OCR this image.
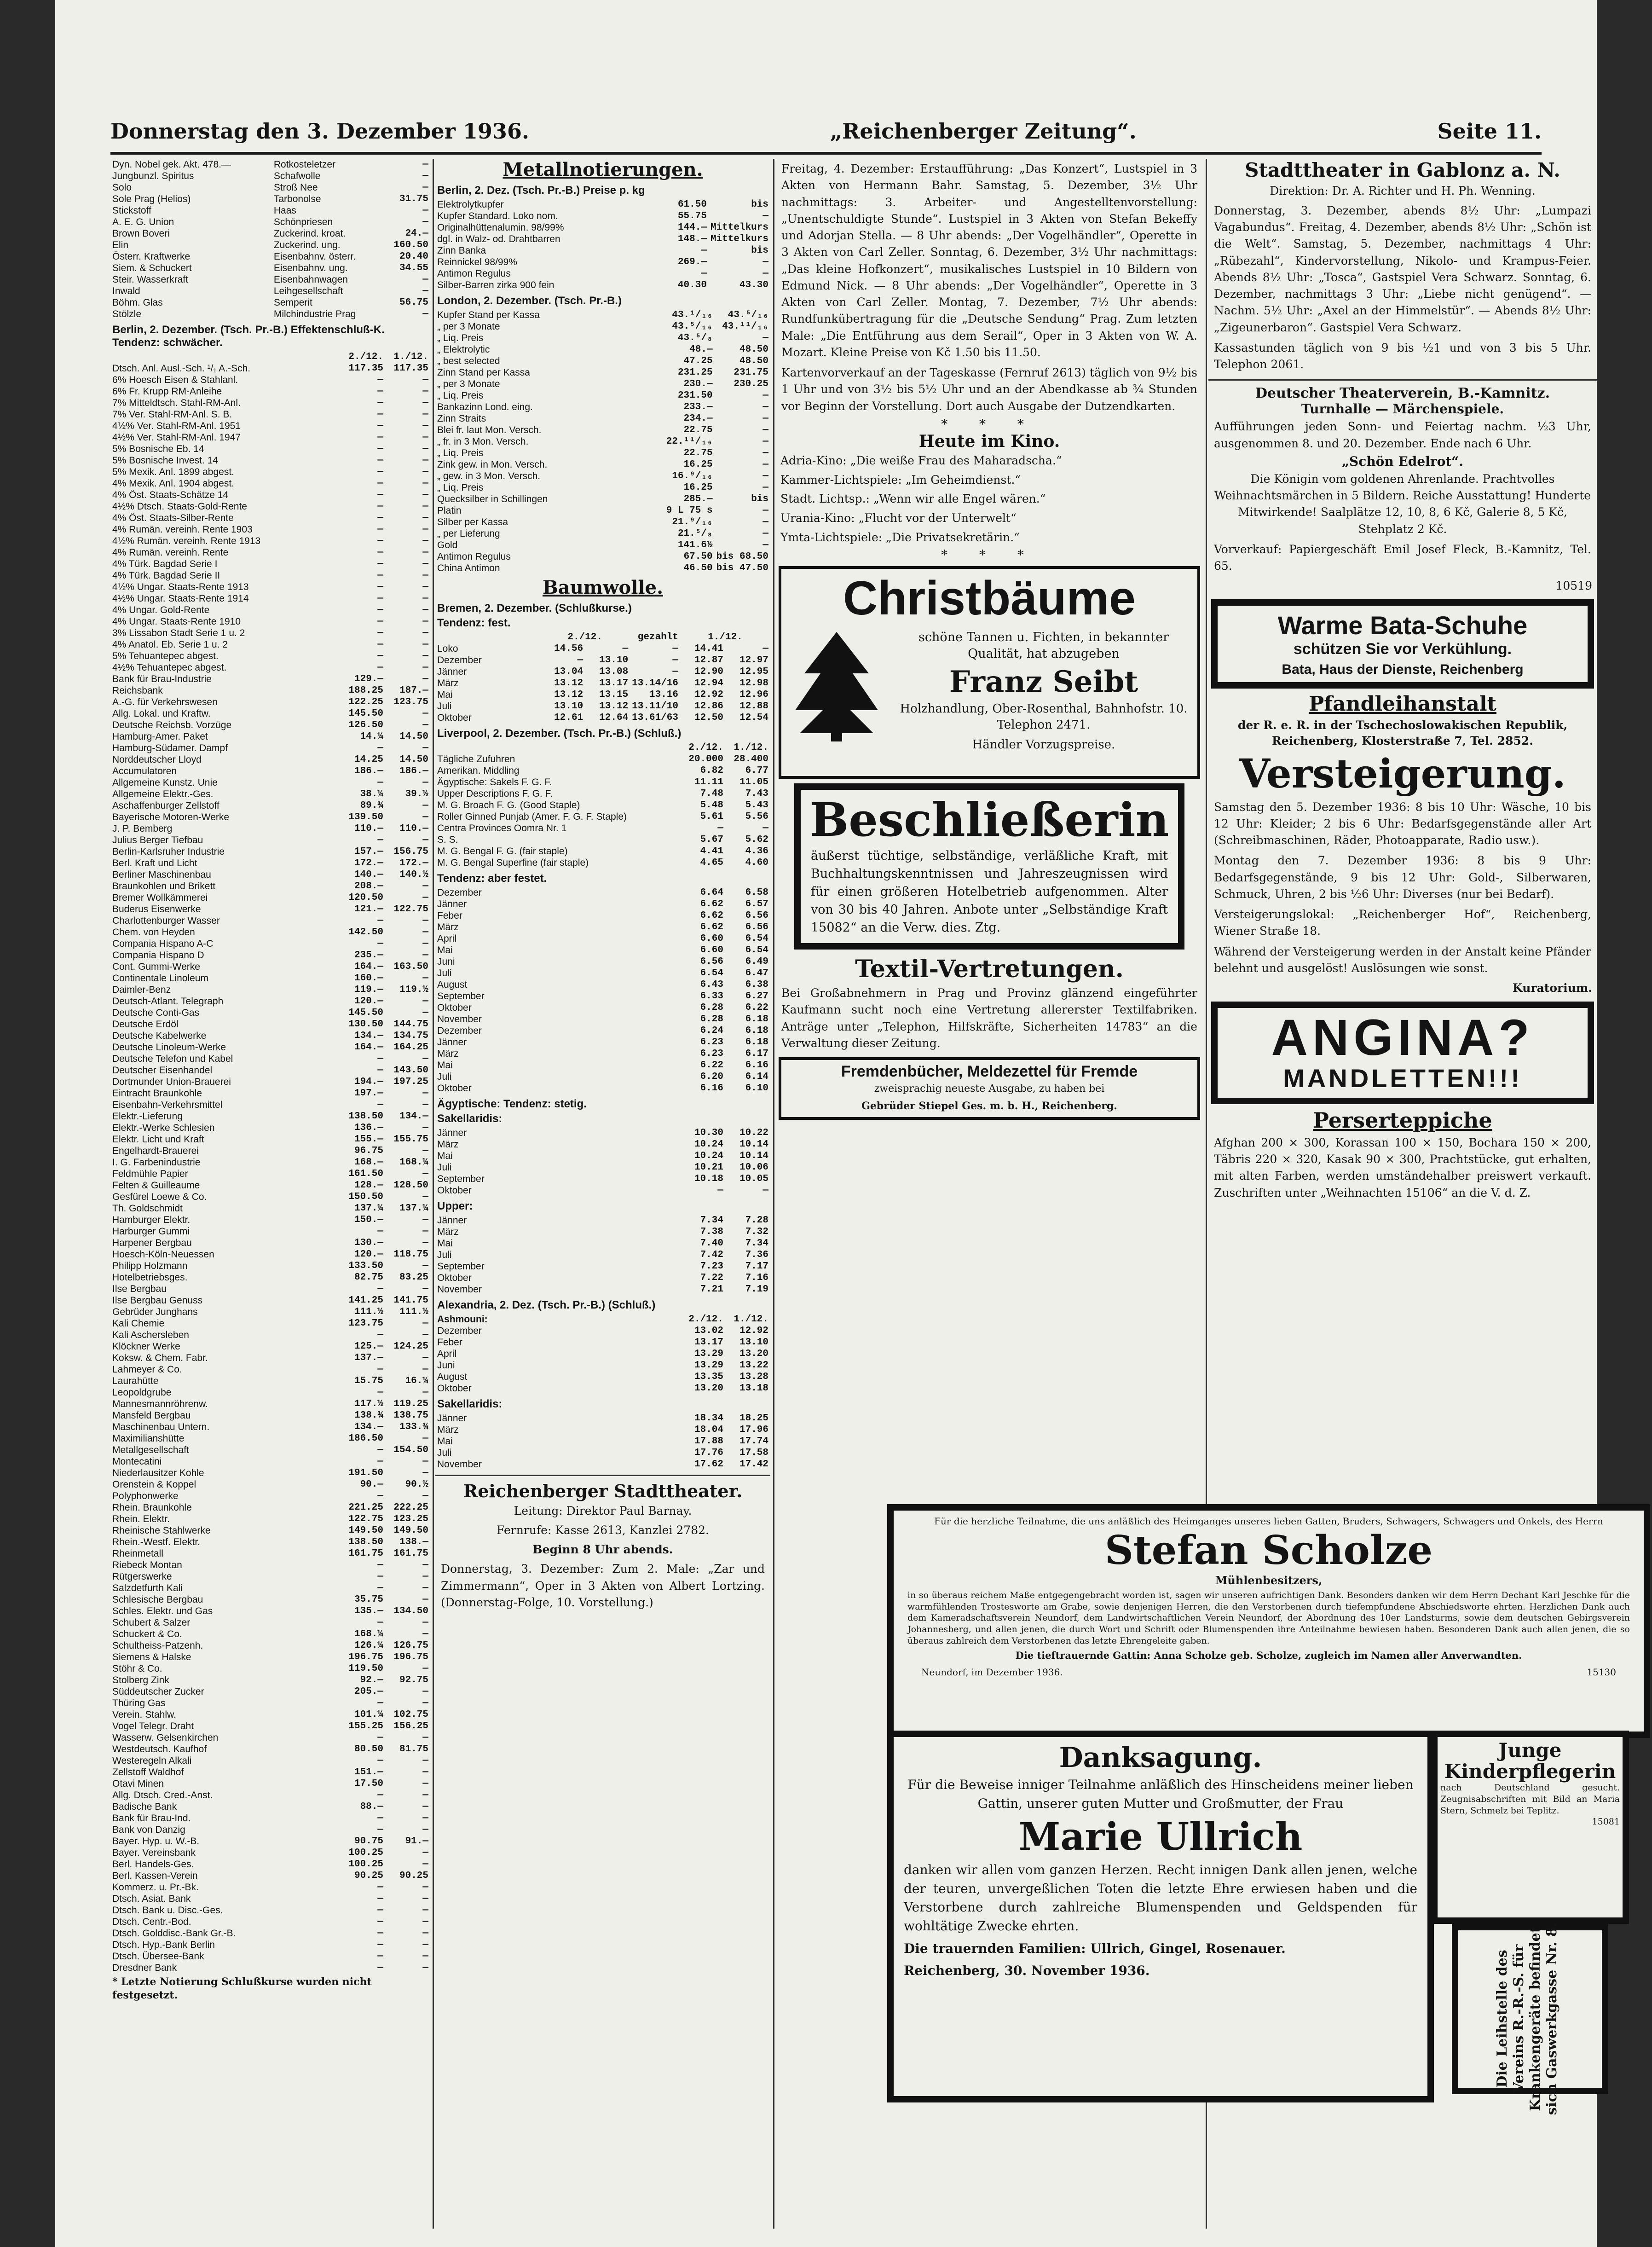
Donnerstag den 3. Dezember 1936.	„Reichenberger Zeitung“.	Seite 11.
Dyn. Nobel gek. Akt. 478.—	Rotkosteletzer	—
Jungbunzl. Spiritus	Schafwolle	—
Solo	Stroß Nee	—
Sole Prag (Helios)	Tarbonolse	31.75
Stickstoff	Haas	—
A. E. G. Union	Schönpriesen	—
Brown Boveri	Zuckerind. kroat.	24.—
Elin	Zuckerind. ung.	160.50
Österr. Kraftwerke	Eisenbahnv. österr.	20.40
Siem. & Schuckert	Eisenbahnv. ung.	34.55
Steir. Wasserkraft	Eisenbahnwagen	—
Inwald	Leihgesellschaft	—
Böhm. Glas	Semperit	56.75
Stölzle	Milchindustrie Prag	—
Berlin, 2. Dezember. (Tsch. Pr.-B.) Effektenschluß-K. Tendenz: schwächer.
	2./12.	1./12.
Dtsch. Anl. Ausl.-Sch. ¹/₁ A.-Sch.	117.35	117.35
6% Hoesch Eisen & Stahlanl.	—	—
6% Fr. Krupp RM-Anleihe	—	—
7% Mitteldtsch. Stahl-RM-Anl.	—	—
7% Ver. Stahl-RM-Anl. S. B.	—	—
4½% Ver. Stahl-RM-Anl. 1951	—	—
4½% Ver. Stahl-RM-Anl. 1947	—	—
5% Bosnische Eb. 14	—	—
5% Bosnische Invest. 14	—	—
5% Mexik. Anl. 1899 abgest.	—	—
4% Mexik. Anl. 1904 abgest.	—	—
4% Öst. Staats-Schätze 14	—	—
4½% Dtsch. Staats-Gold-Rente	—	—
4% Öst. Staats-Silber-Rente	—	—
4% Rumän. vereinh. Rente 1903	—	—
4½% Rumän. vereinh. Rente 1913	—	—
4% Rumän. vereinh. Rente	—	—
4% Türk. Bagdad Serie I	—	—
4% Türk. Bagdad Serie II	—	—
4½% Ungar. Staats-Rente 1913	—	—
4½% Ungar. Staats-Rente 1914	—	—
4% Ungar. Gold-Rente	—	—
4% Ungar. Staats-Rente 1910	—	—
3% Lissabon Stadt Serie 1 u. 2	—	—
4% Anatol. Eb. Serie 1 u. 2	—	—
5% Tehuantepec abgest.	—	—
4½% Tehuantepec abgest.	—	—
Bank für Brau-Industrie	129.—	—
Reichsbank	188.25	187.—
A.-G. für Verkehrswesen	122.25	123.75
Allg. Lokal. und Kraftw.	145.50	—
Deutsche Reichsb. Vorzüge	126.50	—
Hamburg-Amer. Paket	14.¼	14.50
Hamburg-Südamer. Dampf	—	—
Norddeutscher Lloyd	14.25	14.50
Accumulatoren	186.—	186.—
Allgemeine Kunstz. Unie	—	—
Allgemeine Elektr.-Ges.	38.¼	39.½
Aschaffenburger Zellstoff	89.¾	—
Bayerische Motoren-Werke	139.50	—
J. P. Bemberg	110.—	110.—
Julius Berger Tiefbau	—	—
Berlin-Karlsruher Industrie	157.—	156.75
Berl. Kraft und Licht	172.—	172.—
Berliner Maschinenbau	140.—	140.½
Braunkohlen und Brikett	208.—	—
Bremer Wollkämmerei	120.50	—
Buderus Eisenwerke	121.—	122.75
Charlottenburger Wasser	—	—
Chem. von Heyden	142.50	—
Compania Hispano A-C	—	—
Compania Hispano D	235.—	—
Cont. Gummi-Werke	164.—	163.50
Continentale Linoleum	160.—	—
Daimler-Benz	119.—	119.½
Deutsch-Atlant. Telegraph	120.—	—
Deutsche Conti-Gas	145.50	—
Deutsche Erdöl	130.50	144.75
Deutsche Kabelwerke	134.—	134.75
Deutsche Linoleum-Werke	164.—	164.25
Deutsche Telefon und Kabel	—	—
Deutscher Eisenhandel	—	143.50
Dortmunder Union-Brauerei	194.—	197.25
Eintracht Braunkohle	197.—	—
Eisenbahn-Verkehrsmittel	—	—
Elektr.-Lieferung	138.50	134.—
Elektr.-Werke Schlesien	136.—	—
Elektr. Licht und Kraft	155.—	155.75
Engelhardt-Brauerei	96.75	—
I. G. Farbenindustrie	168.—	168.¼
Feldmühle Papier	161.50	—
Felten & Guilleaume	128.—	128.50
Gesfürel Loewe & Co.	150.50	—
Th. Goldschmidt	137.¼	137.¼
Hamburger Elektr.	150.—	—
Harburger Gummi	—	—
Harpener Bergbau	130.—	—
Hoesch-Köln-Neuessen	120.—	118.75
Philipp Holzmann	133.50	—
Hotelbetriebsges.	82.75	83.25
Ilse Bergbau	—	—
Ilse Bergbau Genuss	141.25	141.75
Gebrüder Junghans	111.½	111.½
Kali Chemie	123.75	—
Kali Aschersleben	—	—
Klöckner Werke	125.—	124.25
Koksw. & Chem. Fabr.	137.—	—
Lahmeyer & Co.	—	—
Laurahütte	15.75	16.¼
Leopoldgrube	—	—
Mannesmannröhrenw.	117.½	119.25
Mansfeld Bergbau	138.¾	138.75
Maschinenbau Untern.	134.—	133.¾
Maximilianshütte	186.50	—
Metallgesellschaft	—	154.50
Montecatini	—	—
Niederlausitzer Kohle	191.50	—
Orenstein & Koppel	90.—	90.½
Polyphonwerke	—	—
Rhein. Braunkohle	221.25	222.25
Rhein. Elektr.	122.75	123.25
Rheinische Stahlwerke	149.50	149.50
Rhein.-Westf. Elektr.	138.50	138.—
Rheinmetall	161.75	161.75
Riebeck Montan	—	—
Rütgerswerke	—	—
Salzdetfurth Kali	—	—
Schlesische Bergbau	35.75	—
Schles. Elektr. und Gas	135.—	134.50
Schubert & Salzer	—	—
Schuckert & Co.	168.¼	—
Schultheiss-Patzenh.	126.¼	126.75
Siemens & Halske	196.75	196.75
Stöhr & Co.	119.50	—
Stolberg Zink	92.—	92.75
Süddeutscher Zucker	205.—	—
Thüring Gas	—	—
Verein. Stahlw.	101.¼	102.75
Vogel Telegr. Draht	155.25	156.25
Wasserw. Gelsenkirchen	—	—
Westdeutsch. Kaufhof	80.50	81.75
Westeregeln Alkali	—	—
Zellstoff Waldhof	151.—	—
Otavi Minen	17.50	—
Allg. Dtsch. Cred.-Anst.	—	—
Badische Bank	88.—	—
Bank für Brau-Ind.	—	—
Bank von Danzig	—	—
Bayer. Hyp. u. W.-B.	90.75	91.—
Bayer. Vereinsbank	100.25	—
Berl. Handels-Ges.	100.25	—
Berl. Kassen-Verein	90.25	90.25
Kommerz. u. Pr.-Bk.	—	—
Dtsch. Asiat. Bank	—	—
Dtsch. Bank u. Disc.-Ges.	—	—
Dtsch. Centr.-Bod.	—	—
Dtsch. Golddisc.-Bank Gr.-B.	—	—
Dtsch. Hyp.-Bank Berlin	—	—
Dtsch. Übersee-Bank	—	—
Dresdner Bank	—	—
* Letzte Notierung Schlußkurse wurden nicht festgesetzt.
Metallnotierungen.
Berlin, 2. Dez. (Tsch. Pr.-B.) Preise p. kg
Elektrolytkupfer	61.50	bis
Kupfer Standard. Loko nom.	55.75	—
Originalhüttenalumin. 98/99%	144.—	Mittelkurs
dgl. in Walz- od. Drahtbarren	148.—	Mittelkurs
Zinn Banka	—	bis
Reinnickel 98/99%	269.—	—
Antimon Regulus	—	—
Silber-Barren zirka 900 fein	40.30	43.30
London, 2. Dezember. (Tsch. Pr.-B.)
Kupfer Stand per Kassa	43.¹/₁₆	43.⁵/₁₆
„ per 3 Monate	43.⁵/₁₆	43.¹¹/₁₆
„ Liq. Preis	43.⁵/₈	—
„ Elektrolytic	48.—	48.50
„ best selected	47.25	48.50
Zinn Stand per Kassa	231.25	231.75
„ per 3 Monate	230.—	230.25
„ Liq. Preis	231.50	—
Bankazinn Lond. eing.	233.—	—
Zinn Straits	234.—	—
Blei fr. laut Mon. Versch.	22.75	—
„ fr. in 3 Mon. Versch.	22.¹¹/₁₆	—
„ Liq. Preis	22.75	—
Zink gew. in Mon. Versch.	16.25	—
„ gew. in 3 Mon. Versch.	16.⁹/₁₆	—
„ Liq. Preis	16.25	—
Quecksilber in Schillingen	285.—	bis
Platin	9 L 75 s	—
Silber per Kassa	21.⁹/₁₆	—
„ per Lieferung	21.⁵/₈	—
Gold	141.6½	—
Antimon Regulus	67.50	bis 68.50
China Antimon	46.50	bis 47.50
Baumwolle.
Bremen, 2. Dezember. (Schlußkurse.)
Tendenz: fest.
	2./12.		gezahlt	1./12.	
Loko	14.56	—	—	14.41	—
Dezember	—	13.10	—	12.87	12.97
Jänner	13.04	13.08	—	12.90	12.95
März	13.12	13.17	13.14/16	12.94	12.98
Mai	13.12	13.15	13.16	12.92	12.96
Juli	13.10	13.12	13.11/10	12.86	12.88
Oktober	12.61	12.64	13.61/63	12.50	12.54
Liverpool, 2. Dezember. (Tsch. Pr.-B.) (Schluß.)
	2./12.	1./12.
Tägliche Zufuhren	20.000	28.400
Amerikan. Middling	6.82	6.77
Ägyptische: Sakels F. G. F.	11.11	11.05
Upper Descriptions F. G. F.	7.48	7.43
M. G. Broach F. G. (Good Staple)	5.48	5.43
Roller Ginned Punjab (Amer. F. G. F. Staple)	5.61	5.56
Centra Provinces Oomra Nr. 1	—	—
S. S.	5.67	5.62
M. G. Bengal F. G. (fair staple)	4.41	4.36
M. G. Bengal Superfine (fair staple)	4.65	4.60
Tendenz: aber festet.
Dezember	6.64	6.58
Jänner	6.62	6.57
Feber	6.62	6.56
März	6.62	6.56
April	6.60	6.54
Mai	6.60	6.54
Juni	6.56	6.49
Juli	6.54	6.47
August	6.43	6.38
September	6.33	6.27
Oktober	6.28	6.22
November	6.28	6.18
Dezember	6.24	6.18
Jänner	6.23	6.18
März	6.23	6.17
Mai	6.22	6.16
Juli	6.20	6.14
Oktober	6.16	6.10
Ägyptische: Tendenz: stetig.
Sakellaridis:
Jänner	10.30	10.22
März	10.24	10.14
Mai	10.24	10.14
Juli	10.21	10.06
September	10.18	10.05
Oktober	—	—
Upper:
Jänner	7.34	7.28
März	7.38	7.32
Mai	7.40	7.34
Juli	7.42	7.36
September	7.23	7.17
Oktober	7.22	7.16
November	7.21	7.19
Alexandria, 2. Dez. (Tsch. Pr.-B.) (Schluß.)
Ashmouni:	2./12.	1./12.
Dezember	13.02	12.92
Feber	13.17	13.10
April	13.29	13.20
Juni	13.29	13.22
August	13.35	13.28
Oktober	13.20	13.18
Sakellaridis:
Jänner	18.34	18.25
März	18.04	17.96
Mai	17.88	17.74
Juli	17.76	17.58
November	17.62	17.42
Reichenberger Stadttheater.
Leitung: Direktor Paul Barnay.
Fernrufe: Kasse 2613, Kanzlei 2782.
Beginn 8 Uhr abends.
Donnerstag, 3. Dezember: Zum 2. Male: „Zar und Zimmermann“, Oper in 3 Akten von Albert Lortzing. (Donnerstag-Folge, 10. Vorstellung.)
Freitag, 4. Dezember: Erstaufführung: „Das Konzert“, Lustspiel in 3 Akten von Hermann Bahr. Samstag, 5. Dezember, 3½ Uhr nachmittags: 3. Arbeiter- und Angestelltenvorstellung: „Unentschuldigte Stunde“. Lustspiel in 3 Akten von Stefan Bekeffy und Adorjan Stella. — 8 Uhr abends: „Der Vogelhändler“, Operette in 3 Akten von Carl Zeller. Sonntag, 6. Dezember, 3½ Uhr nachmittags: „Das kleine Hofkonzert“, musikalisches Lustspiel in 10 Bildern von Edmund Nick. — 8 Uhr abends: „Der Vogelhändler“, Operette in 3 Akten von Carl Zeller. Montag, 7. Dezember, 7½ Uhr abends: Rundfunkübertragung für die „Deutsche Sendung“ Prag. Zum letzten Male: „Die Entführung aus dem Serail“, Oper in 3 Akten von W. A. Mozart. Kleine Preise von Kč 1.50 bis 11.50.
Kartenvorverkauf an der Tageskasse (Fernruf 2613) täglich von 9½ bis 1 Uhr und von 3½ bis 5½ Uhr und an der Abendkasse ab ¾ Stunden vor Beginn der Vorstellung. Dort auch Ausgabe der Dutzendkarten.
* * *
Heute im Kino.
Adria-Kino: „Die weiße Frau des Maharadscha.“
Kammer-Lichtspiele: „Im Geheimdienst.“
Stadt. Lichtsp.: „Wenn wir alle Engel wären.“
Urania-Kino: „Flucht vor der Unterwelt“
Ymta-Lichtspiele: „Die Privatsekretärin.“
* * *
Christbäume
schöne Tannen u. Fichten, in bekannter Qualität, hat abzugeben
Franz Seibt
Holzhandlung, Ober-Rosenthal, Bahnhofstr. 10. Telephon 2471.
Händler Vorzugspreise.
Beschließerin
äußerst tüchtige, selbständige, verläßliche Kraft, mit Buchhaltungskenntnissen und Jahreszeugnissen wird für einen größeren Hotelbetrieb aufgenommen. Alter von 30 bis 40 Jahren. Anbote unter „Selbständige Kraft 15082“ an die Verw. dies. Ztg.
Textil-Vertretungen.
Bei Großabnehmern in Prag und Provinz glänzend eingeführter Kaufmann sucht noch eine Vertretung allererster Textilfabriken. Anträge unter „Telephon, Hilfskräfte, Sicherheiten 14783“ an die Verwaltung dieser Zeitung.
Fremdenbücher, Meldezettel für Fremde
zweisprachig neueste Ausgabe, zu haben bei
Gebrüder Stiepel Ges. m. b. H., Reichenberg.
Stadttheater in Gablonz a. N.
Direktion: Dr. A. Richter und H. Ph. Wenning.
Donnerstag, 3. Dezember, abends 8½ Uhr: „Lumpazi Vagabundus“. Freitag, 4. Dezember, abends 8½ Uhr: „Schön ist die Welt“. Samstag, 5. Dezember, nachmittags 4 Uhr: „Rübezahl“, Kindervorstellung, Nikolo- und Krampus-Feier. Abends 8½ Uhr: „Tosca“, Gastspiel Vera Schwarz. Sonntag, 6. Dezember, nachmittags 3 Uhr: „Liebe nicht genügend“. — Nachm. 5½ Uhr: „Axel an der Himmelstür“. — Abends 8½ Uhr: „Zigeunerbaron“. Gastspiel Vera Schwarz.
Kassastunden täglich von 9 bis ½1 und von 3 bis 5 Uhr. Telephon 2061.
Deutscher Theaterverein, B.-Kamnitz.
Turnhalle — Märchenspiele.
Aufführungen jeden Sonn- und Feiertag nachm. ½3 Uhr, ausgenommen 8. und 20. Dezember. Ende nach 6 Uhr.
„Schön Edelrot“.
Die Königin vom goldenen Ahrenlande. Prachtvolles Weihnachtsmärchen in 5 Bildern. Reiche Ausstattung! Hunderte Mitwirkende! Saalplätze 12, 10, 8, 6 Kč, Galerie 8, 5 Kč, Stehplatz 2 Kč.
Vorverkauf: Papiergeschäft Emil Josef Fleck, B.-Kamnitz, Tel. 65.
10519
Warme Bata-Schuhe
schützen Sie vor Verkühlung.
Bata, Haus der Dienste, Reichenberg
Pfandleihanstalt
der R. e. R. in der Tschechoslowakischen Republik, Reichenberg, Klosterstraße 7, Tel. 2852.
Versteigerung.
Samstag den 5. Dezember 1936: 8 bis 10 Uhr: Wäsche, 10 bis 12 Uhr: Kleider; 2 bis 6 Uhr: Bedarfsgegenstände aller Art (Schreibmaschinen, Räder, Photoapparate, Radio usw.).
Montag den 7. Dezember 1936: 8 bis 9 Uhr: Bedarfsgegenstände, 9 bis 12 Uhr: Gold-, Silberwaren, Schmuck, Uhren, 2 bis ½6 Uhr: Diverses (nur bei Bedarf).
Versteigerungslokal: „Reichenberger Hof“, Reichenberg, Wiener Straße 18.
Während der Versteigerung werden in der Anstalt keine Pfänder belehnt und ausgelöst! Auslösungen wie sonst.
Kuratorium.
ANGINA?
MANDLETTEN!!!
Perserteppiche
Afghan 200 × 300, Korassan 100 × 150, Bochara 150 × 200, Täbris 220 × 320, Kasak 90 × 300, Prachtstücke, gut erhalten, mit alten Farben, werden umständehalber preiswert verkauft. Zuschriften unter „Weihnachten 15106“ an die V. d. Z.
Für die herzliche Teilnahme, die uns anläßlich des Heimganges unseres lieben Gatten, Bruders, Schwagers, Schwagers und Onkels, des Herrn
Stefan Scholze
Mühlenbesitzers,
in so überaus reichem Maße entgegengebracht worden ist, sagen wir unseren aufrichtigen Dank. Besonders danken wir dem Herrn Dechant Karl Jeschke für die warmfühlenden Trostesworte am Grabe, sowie denjenigen Herren, die den Verstorbenen durch tiefempfundene Abschiedsworte ehrten. Herzlichen Dank auch dem Kameradschaftsverein Neundorf, dem Landwirtschaftlichen Verein Neundorf, der Abordnung des 10er Landsturms, sowie dem deutschen Gebirgsverein Johannesberg, und allen jenen, die durch Wort und Schrift oder Blumenspenden ihre Anteilnahme bewiesen haben. Besonderen Dank auch allen jenen, die so überaus zahlreich dem Verstorbenen das letzte Ehrengeleite gaben.
Die tieftrauernde Gattin: Anna Scholze geb. Scholze, zugleich im Namen aller Anverwandten.
Neundorf, im Dezember 1936.	15130
Danksagung.
Für die Beweise inniger Teilnahme anläßlich des Hinscheidens meiner lieben Gattin, unserer guten Mutter und Großmutter, der Frau
Marie Ullrich
danken wir allen vom ganzen Herzen. Recht innigen Dank allen jenen, welche der teuren, unvergeßlichen Toten die letzte Ehre erwiesen haben und die Verstorbene durch zahlreiche Blumenspenden und Geldspenden für wohltätige Zwecke ehrten.
Die trauernden Familien: Ullrich, Gingel, Rosenauer.
Reichenberg, 30. November 1936.
Junge Kinderpflegerin
nach Deutschland gesucht. Zeugnisabschriften mit Bild an Maria Stern, Schmelz bei Teplitz.
15081
Die Leihstelle des Vereins R.-R.-S. für Krankengeräte befindet sich Gaswerkgasse Nr. 8.
